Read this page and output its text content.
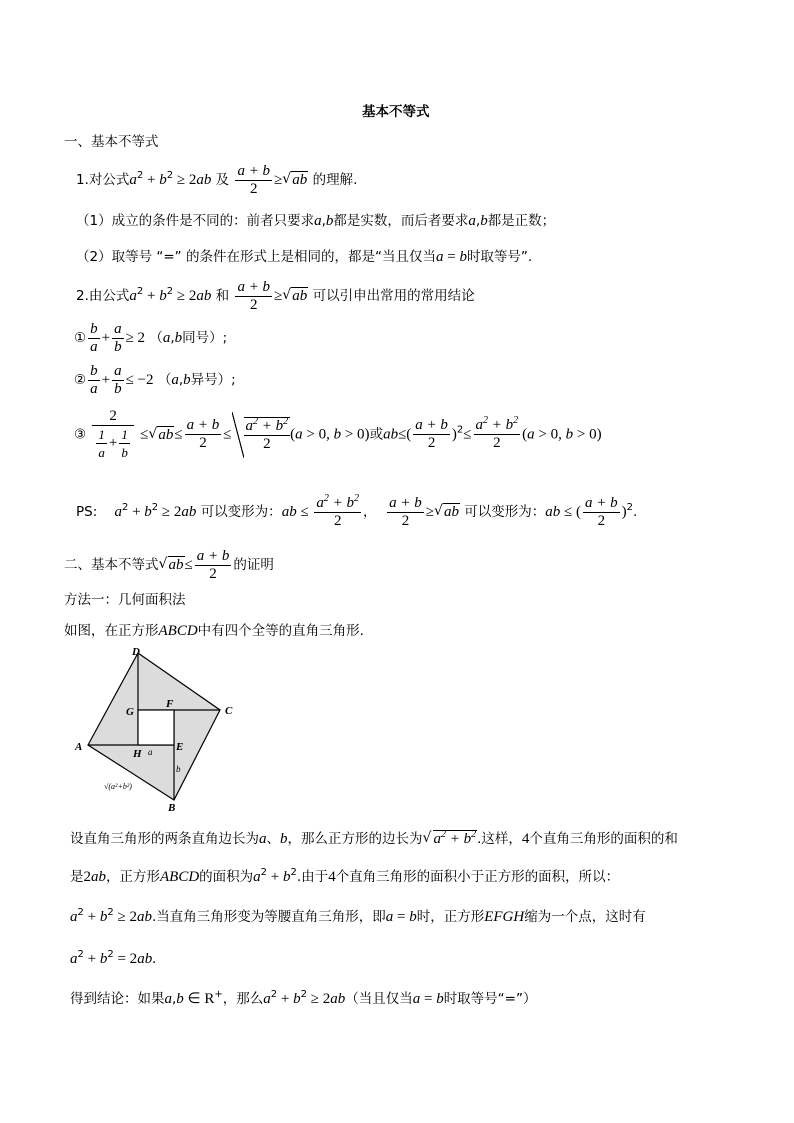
基本不等式
一、基本不等式
1.对公式$a^2 + b^2 \ge 2ab$ 及 $\frac{a + b}{2}$ ≥ √ ab 的理解.
（1）成立的条件是不同的：前者只要求a,b都是实数，而后者要求a,b都是正数；
（2）取等号 “=” 的条件在形式上是相同的，都是“当且仅当a = b时取等号”.
2.由公式$a^2 + b^2 \ge 2ab$ 和 $\frac{a + b}{2}$ ≥ √ ab 可以引申出常用的常用结论
① $\frac{b}{a} + \frac{a}{b} \ge 2$ （a,b同号）;
② $\frac{b}{a} + \frac{a}{b} \le -2$ （a,b异号）;
③ $\frac{2}{\frac{1}{a} + \frac{1}{b}}$ ≤ √ $ab\le \frac{a + b}{2} \le \frac{a^2 + b^2}{2} (a > 0$, b > 0)或$ab\le( \frac{a + b}{2} )^2\le \frac{a^2 + b^2}{2} (a > 0$, b > 0)
PS: $a^2 + b^2 \ge 2ab$ 可以变形为：ab ≤ $\frac{a^2 + b^2}{2}$ ， $\frac{a + b}{2}$ ≥ √ ab 可以变形为：ab ≤ ( $\frac{a + b}{2} )^2$.
二、基本不等式 √ $ab\le \frac{a + b}{2}$ 的证明
方法一：几何面积法
如图，在正方形ABCD中有四个全等的直角三角形.
D
C
A
B
F
G
H
E
a
b
√(a²+b²)
设直角三角形的两条直角边长为a、b，那么正方形的边长为 √ $a^2 + b^2$.这样，4个直角三角形的面积的和
是2ab，正方形ABCD的面积为$a^2 + b^2$.由于4个直角三角形的面积小于正方形的面积，所以：
$a^2 + b^2 \ge 2ab$.当直角三角形变为等腰直角三角形，即a = b时，正方形EFGH缩为一个点，这时有
$a^2 + b^2 = 2ab$.
得到结论：如果a,b ∈ R+，那么$a^2 + b^2 \ge 2ab$（当且仅当a = b时取等号“=”）
